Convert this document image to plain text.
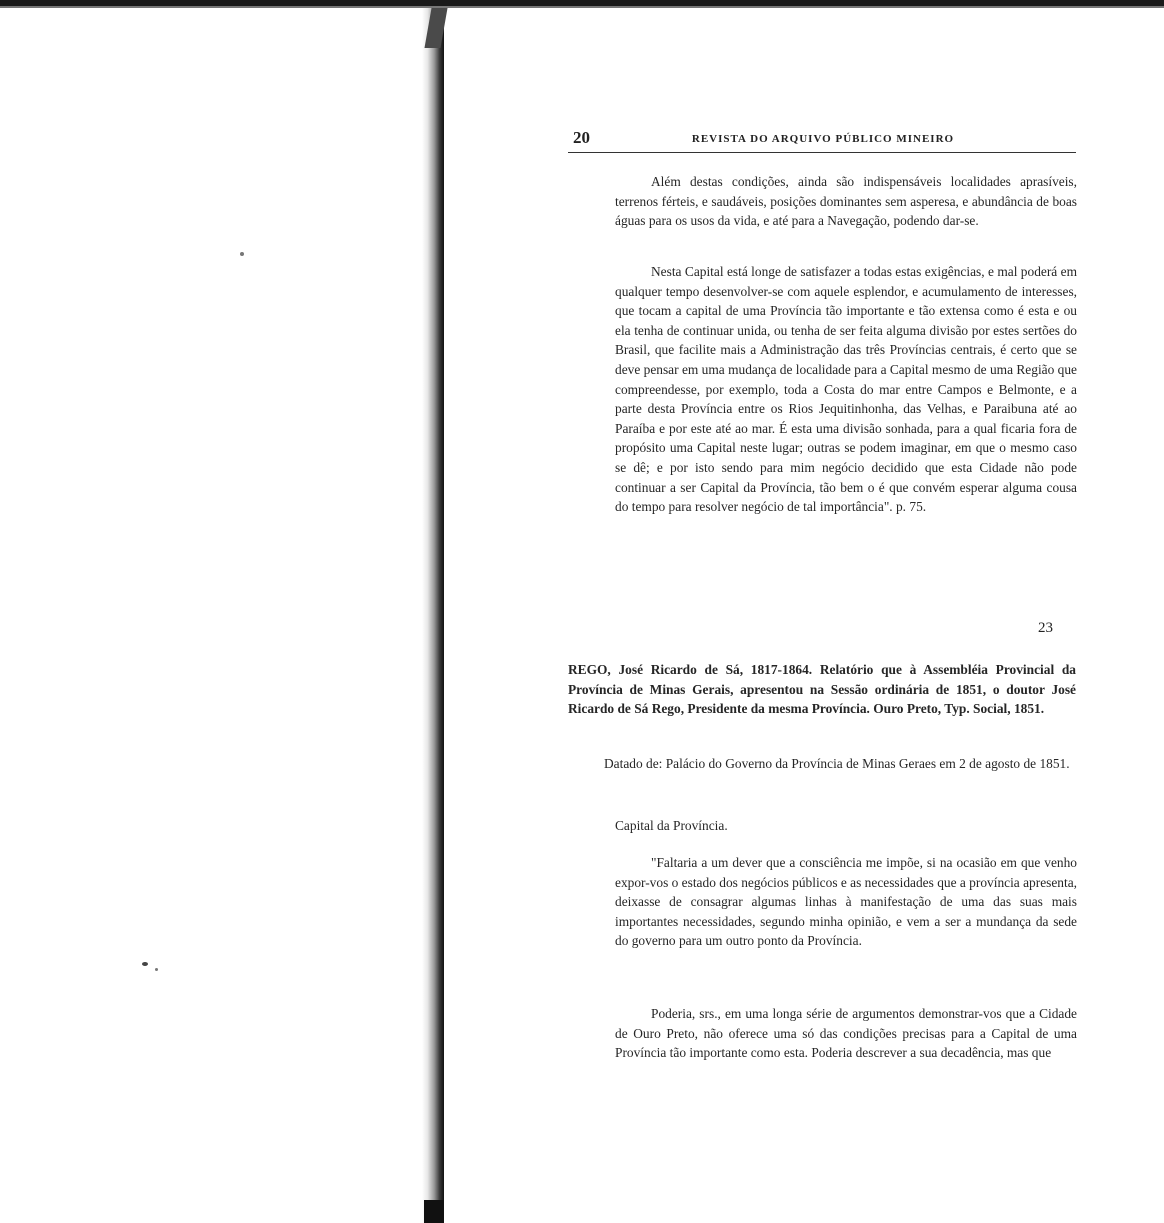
20	REVISTA DO ARQUIVO PÚBLICO MINEIRO

Além destas condições, ainda são indispensáveis localidades aprasíveis, terrenos férteis, e saudáveis, posições dominantes sem asperesa, e abundância de boas águas para os usos da vida, e até para a Navegação, podendo dar-se.

Nesta Capital está longe de satisfazer a todas estas exigências, e mal poderá em qualquer tempo desenvolver-se com aquele esplendor, e acumulamento de interesses, que tocam a capital de uma Província tão importante e tão extensa como é esta e ou ela tenha de continuar unida, ou tenha de ser feita alguma divisão por estes sertões do Brasil, que facilite mais a Administração das três Províncias centrais, é certo que se deve pensar em uma mudança de localidade para a Capital mesmo de uma Região que compreendesse, por exemplo, toda a Costa do mar entre Campos e Belmonte, e a parte desta Província entre os Rios Jequitinhonha, das Velhas, e Paraibuna até ao Paraíba e por este até ao mar. É esta uma divisão sonhada, para a qual ficaria fora de propósito uma Capital neste lugar; outras se podem imaginar, em que o mesmo caso se dê; e por isto sendo para mim negócio decidido que esta Cidade não pode continuar a ser Capital da Província, tão bem o é que convém esperar alguma cousa do tempo para resolver negócio de tal importância". p. 75.

23

REGO, José Ricardo de Sá, 1817-1864. Relatório que à Assembléia Provincial da Província de Minas Gerais, apresentou na Sessão ordinária de 1851, o doutor José Ricardo de Sá Rego, Presidente da mesma Província. Ouro Preto, Typ. Social, 1851.

Datado de: Palácio do Governo da Província de Minas Geraes em 2 de agosto de 1851.

Capital da Província.

"Faltaria a um dever que a consciência me impõe, si na ocasião em que venho expor-vos o estado dos negócios públicos e as necessidades que a província apresenta, deixasse de consagrar algumas linhas à manifestação de uma das suas mais importantes necessidades, segundo minha opinião, e vem a ser a mundança da sede do governo para um outro ponto da Província.

Poderia, srs., em uma longa série de argumentos demonstrar-vos que a Cidade de Ouro Preto, não oferece uma só das condições precisas para a Capital de uma Província tão importante como esta. Poderia descrever a sua decadência, mas que
